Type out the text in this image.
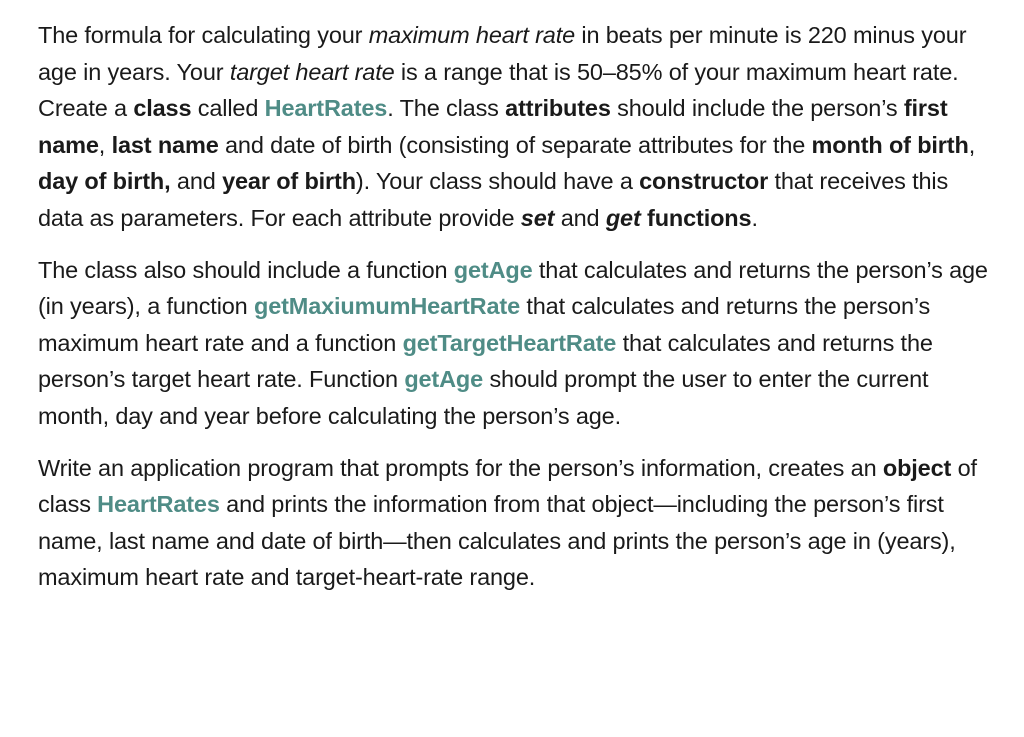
The formula for calculating your maximum heart rate in beats per minute is 220 minus your age in years. Your target heart rate is a range that is 50–85% of your maximum heart rate. Create a class called HeartRates. The class attributes should include the person’s first name, last name and date of birth (consisting of separate attributes for the month of birth, day of birth, and year of birth). Your class should have a constructor that receives this data as parameters. For each attribute provide set and get functions.

The class also should include a function getAge that calculates and returns the person’s age (in years), a function getMaxiumumHeartRate that calculates and returns the person’s maximum heart rate and a function getTargetHeartRate that calculates and returns the person’s target heart rate. Function getAge should prompt the user to enter the current month, day and year before calculating the person’s age.

Write an application program that prompts for the person’s information, creates an object of class HeartRates and prints the information from that object—including the person’s first name, last name and date of birth—then calculates and prints the person’s age in (years), maximum heart rate and target-heart-rate range.
